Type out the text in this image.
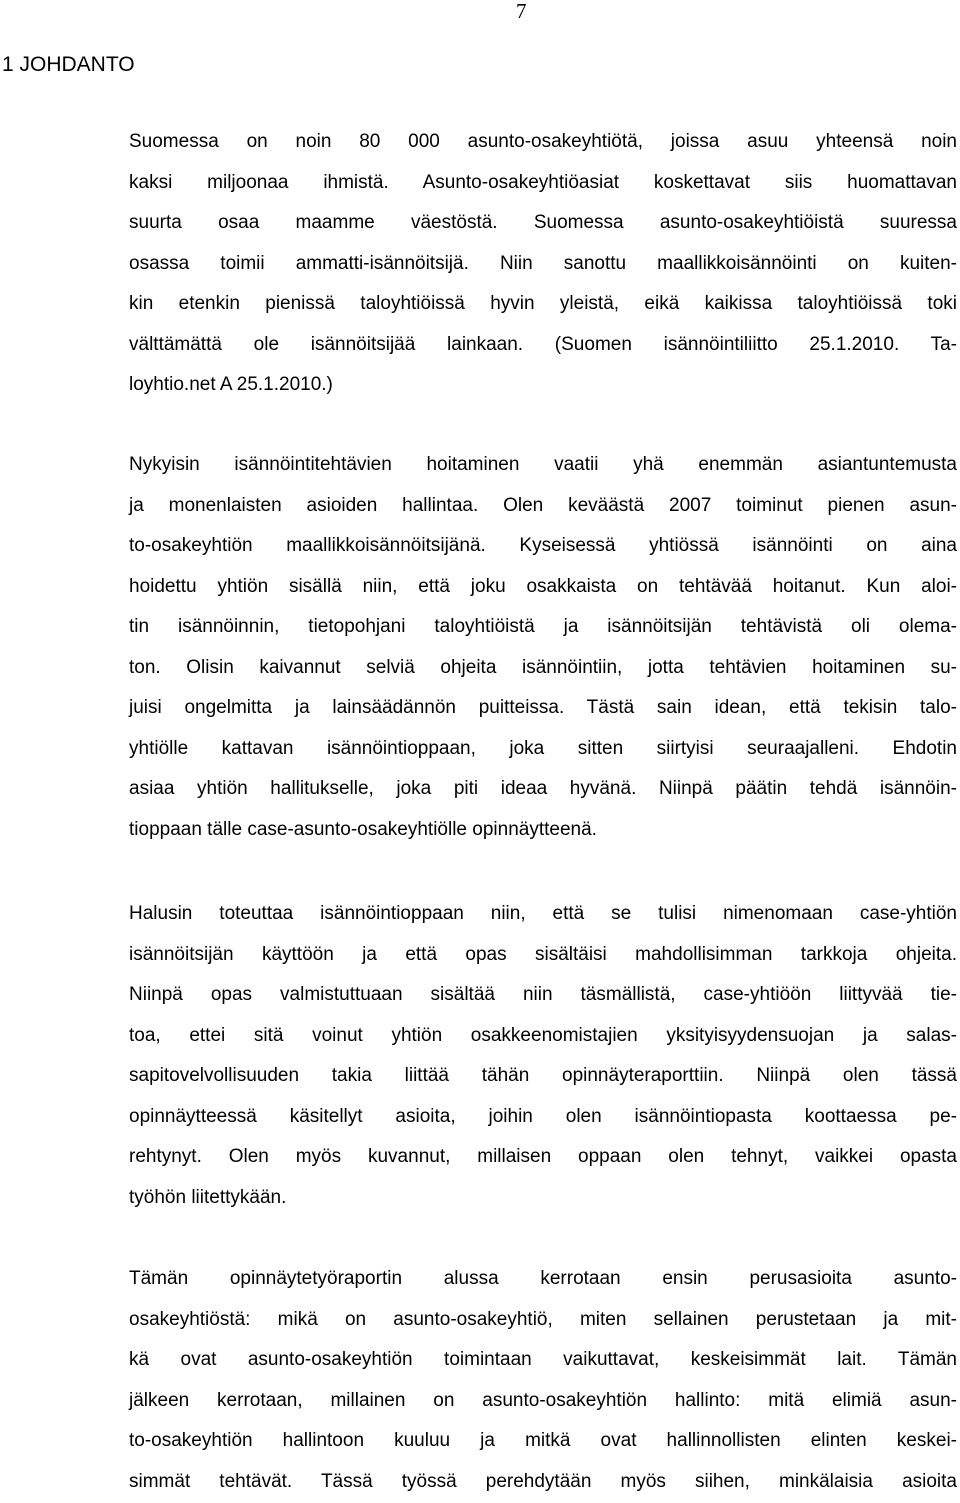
7
1 JOHDANTO
Suomessa on noin 80 000 asunto-osakeyhtiötä, joissa asuu yhteensä noin
kaksi miljoonaa ihmistä. Asunto-osakeyhtiöasiat koskettavat siis huomattavan
suurta osaa maamme väestöstä. Suomessa asunto-osakeyhtiöistä suuressa
osassa toimii ammatti-isännöitsijä. Niin sanottu maallikkoisännöinti on kuiten-
kin etenkin pienissä taloyhtiöissä hyvin yleistä, eikä kaikissa taloyhtiöissä toki
välttämättä ole isännöitsijää lainkaan. (Suomen isännöintiliitto 25.1.2010. Ta-
loyhtio.net A 25.1.2010.)
Nykyisin isännöintitehtävien hoitaminen vaatii yhä enemmän asiantuntemusta
ja monenlaisten asioiden hallintaa. Olen keväästä 2007 toiminut pienen asun-
to-osakeyhtiön maallikkoisännöitsijänä. Kyseisessä yhtiössä isännöinti on aina
hoidettu yhtiön sisällä niin, että joku osakkaista on tehtävää hoitanut. Kun aloi-
tin isännöinnin, tietopohjani taloyhtiöistä ja isännöitsijän tehtävistä oli olema-
ton. Olisin kaivannut selviä ohjeita isännöintiin, jotta tehtävien hoitaminen su-
juisi ongelmitta ja lainsäädännön puitteissa. Tästä sain idean, että tekisin talo-
yhtiölle kattavan isännöintioppaan, joka sitten siirtyisi seuraajalleni. Ehdotin
asiaa yhtiön hallitukselle, joka piti ideaa hyvänä. Niinpä päätin tehdä isännöin-
tioppaan tälle case-asunto-osakeyhtiölle opinnäytteenä.
Halusin toteuttaa isännöintioppaan niin, että se tulisi nimenomaan case-yhtiön
isännöitsijän käyttöön ja että opas sisältäisi mahdollisimman tarkkoja ohjeita.
Niinpä opas valmistuttuaan sisältää niin täsmällistä, case-yhtiöön liittyvää tie-
toa, ettei sitä voinut yhtiön osakkeenomistajien yksityisyydensuojan ja salas-
sapitovelvollisuuden takia liittää tähän opinnäyteraporttiin. Niinpä olen tässä
opinnäytteessä käsitellyt asioita, joihin olen isännöintiopasta koottaessa pe-
rehtynyt. Olen myös kuvannut, millaisen oppaan olen tehnyt, vaikkei opasta
työhön liitettykään.
Tämän opinnäytetyöraportin alussa kerrotaan ensin perusasioita asunto-
osakeyhtiöstä: mikä on asunto-osakeyhtiö, miten sellainen perustetaan ja mit-
kä ovat asunto-osakeyhtiön toimintaan vaikuttavat, keskeisimmät lait. Tämän
jälkeen kerrotaan, millainen on asunto-osakeyhtiön hallinto: mitä elimiä asun-
to-osakeyhtiön hallintoon kuuluu ja mitkä ovat hallinnollisten elinten keskei-
simmät tehtävät. Tässä työssä perehdytään myös siihen, minkälaisia asioita
